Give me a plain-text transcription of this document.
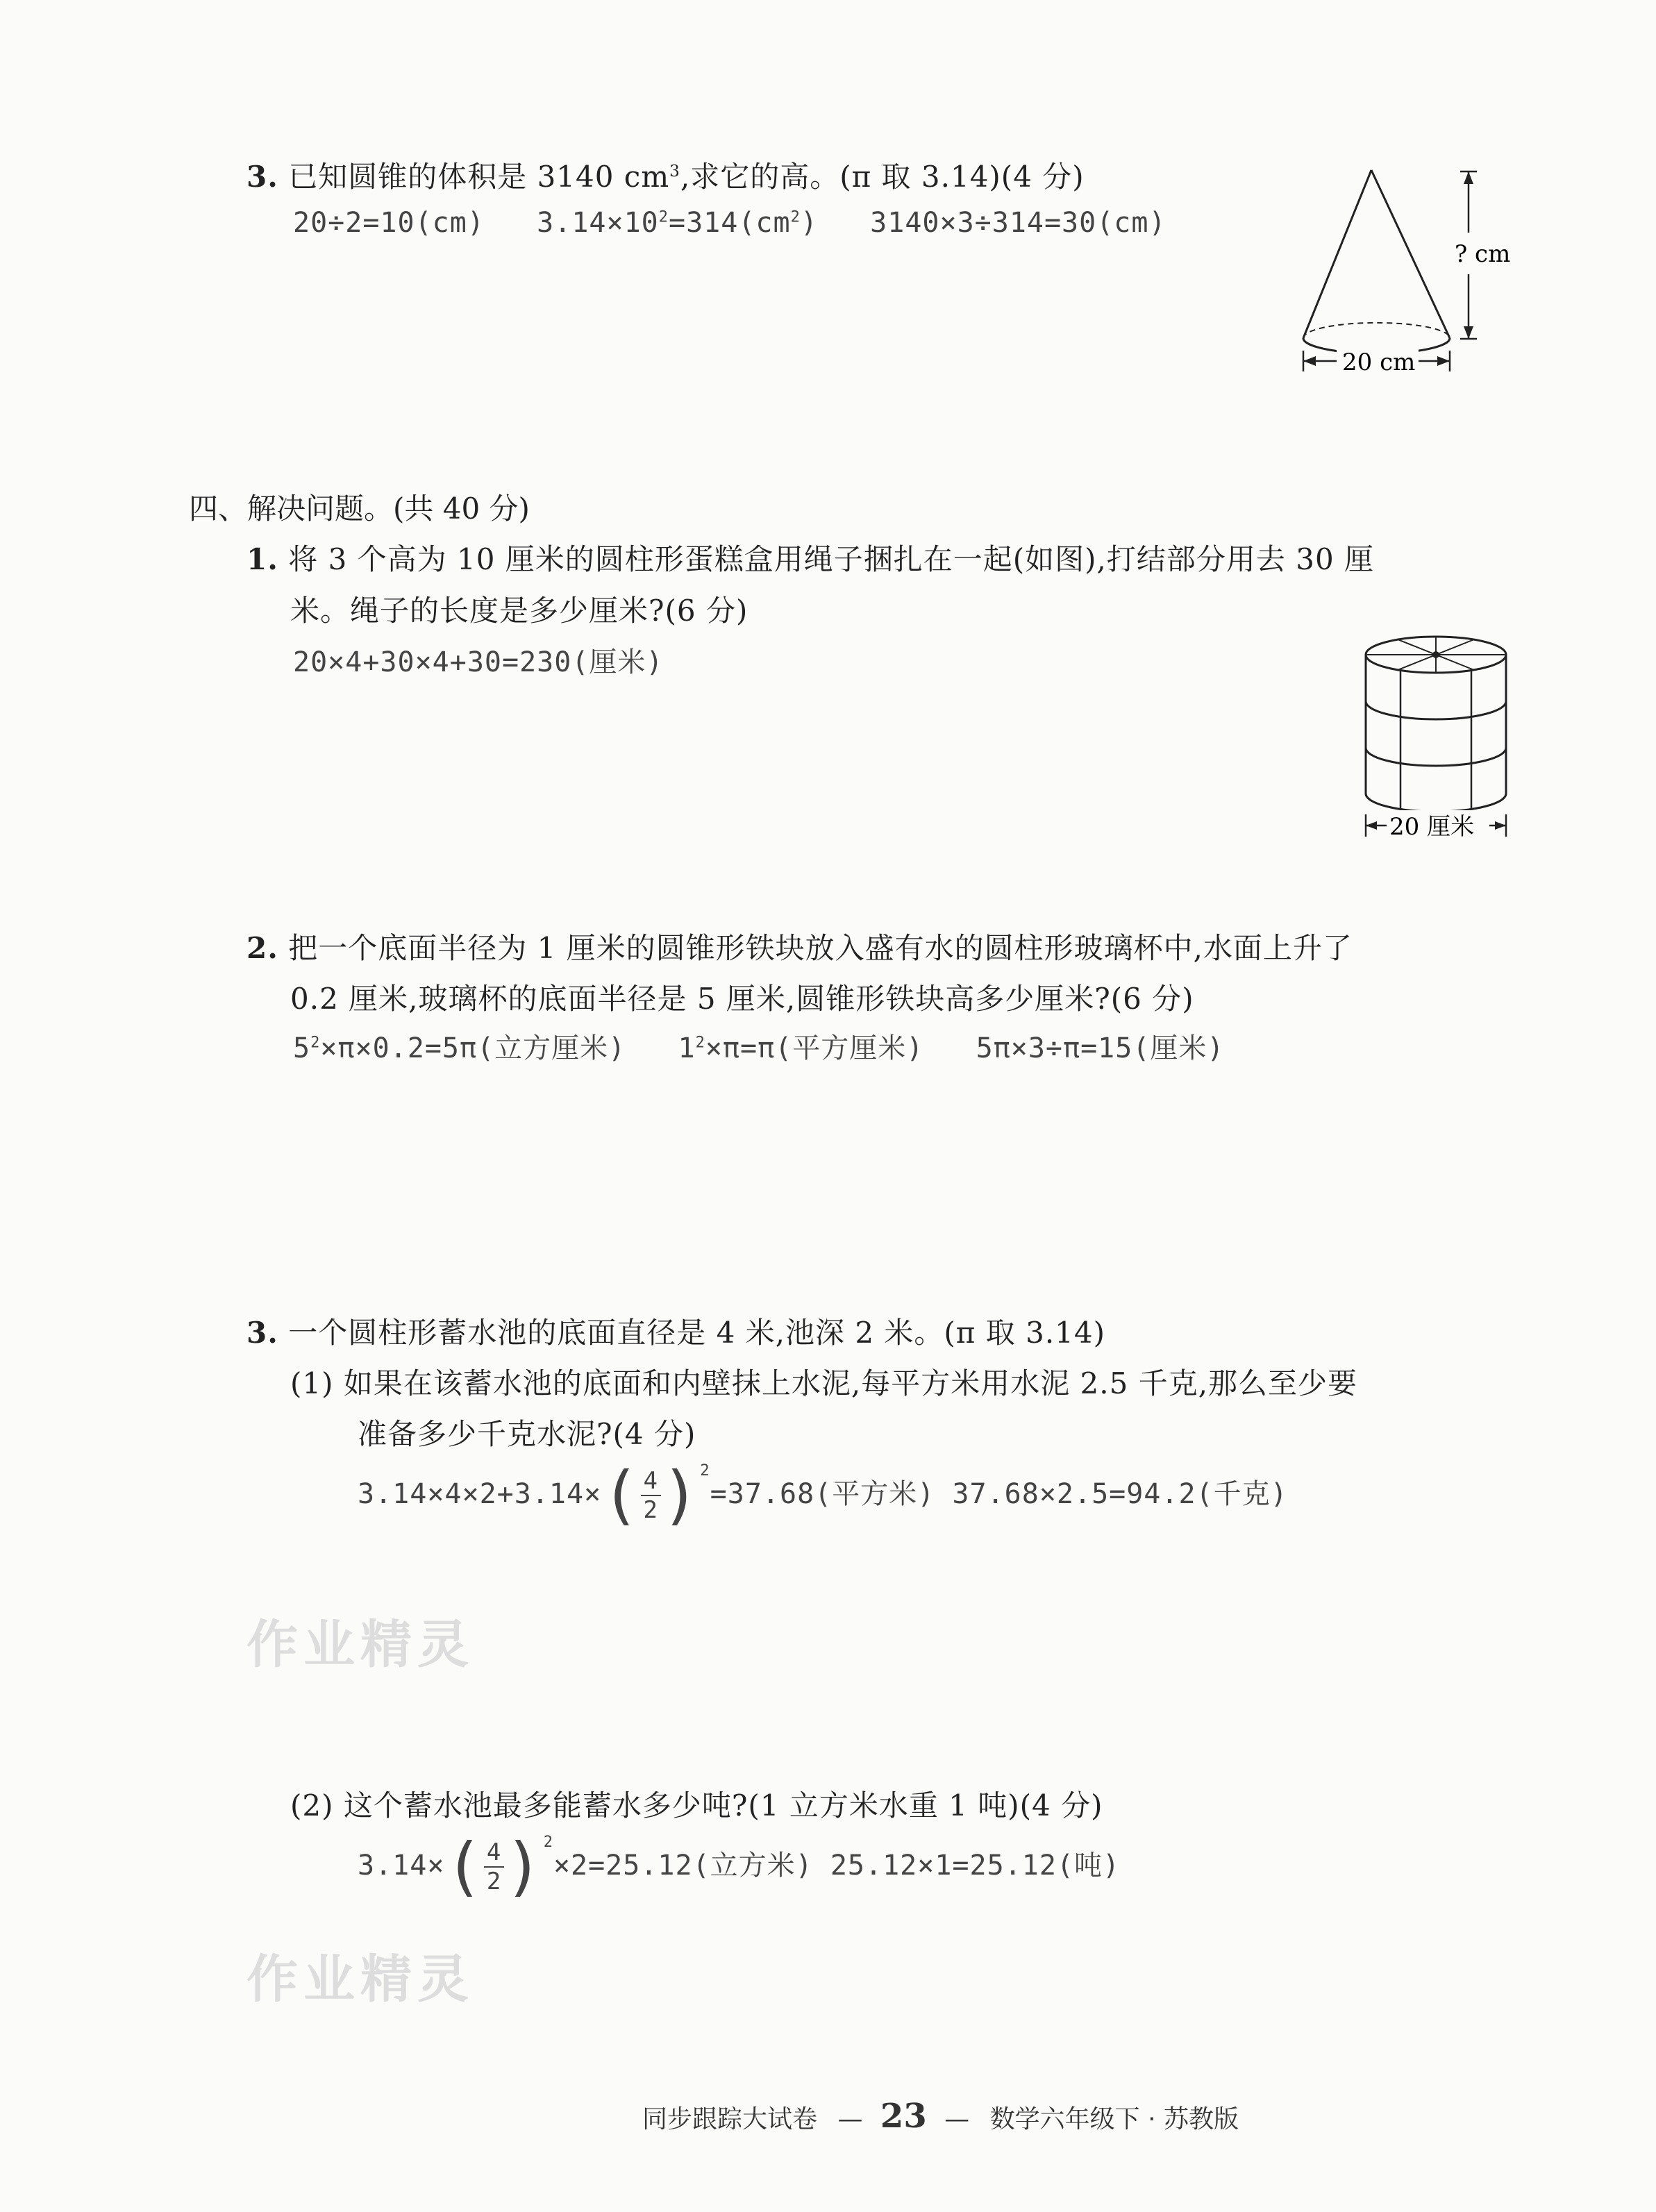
3. 已知圆锥的体积是 3140 $cm^3$,求它的高。(π 取 3.14)(4 分)
20÷2=10(cm) $3.14\times 10^2=314(cm^2)$ 3140×3÷314=30(cm)
? cm
20 cm
四、解决问题。(共 40 分)
1. 将 3 个高为 10 厘米的圆柱形蛋糕盒用绳子捆扎在一起(如图),打结部分用去 30 厘
米。绳子的长度是多少厘米?(6 分)
20×4+30×4+30=230(厘米)
20 厘米
2. 把一个底面半径为 1 厘米的圆锥形铁块放入盛有水的圆柱形玻璃杯中,水面上升了
0.2 厘米,玻璃杯的底面半径是 5 厘米,圆锥形铁块高多少厘米?(6 分)
$5^2\times\pi\times 0.2=5\pi$(立方厘米) $1^2\times\pi=\pi$(平方厘米) 5π×3÷π=15(厘米)
3. 一个圆柱形蓄水池的底面直径是 4 米,池深 2 米。(π 取 3.14)
(1) 如果在该蓄水池的底面和内壁抹上水泥,每平方米用水泥 2.5 千克,那么至少要
准备多少千克水泥?(4 分)
$3.14\times 4\times 2+3.14\times( \frac{4}{2} )^2=37.68$(平方米) 37.68×2.5=94.2(千克)
作业精灵
(2) 这个蓄水池最多能蓄水多少吨?(1 立方米水重 1 吨)(4 分)
$3.14\times( \frac{4}{2} )^2\times 2=25.12$(立方米) 25.12×1=25.12(吨)
作业精灵
同步跟踪大试卷 — 23 — 数学六年级下 · 苏教版
